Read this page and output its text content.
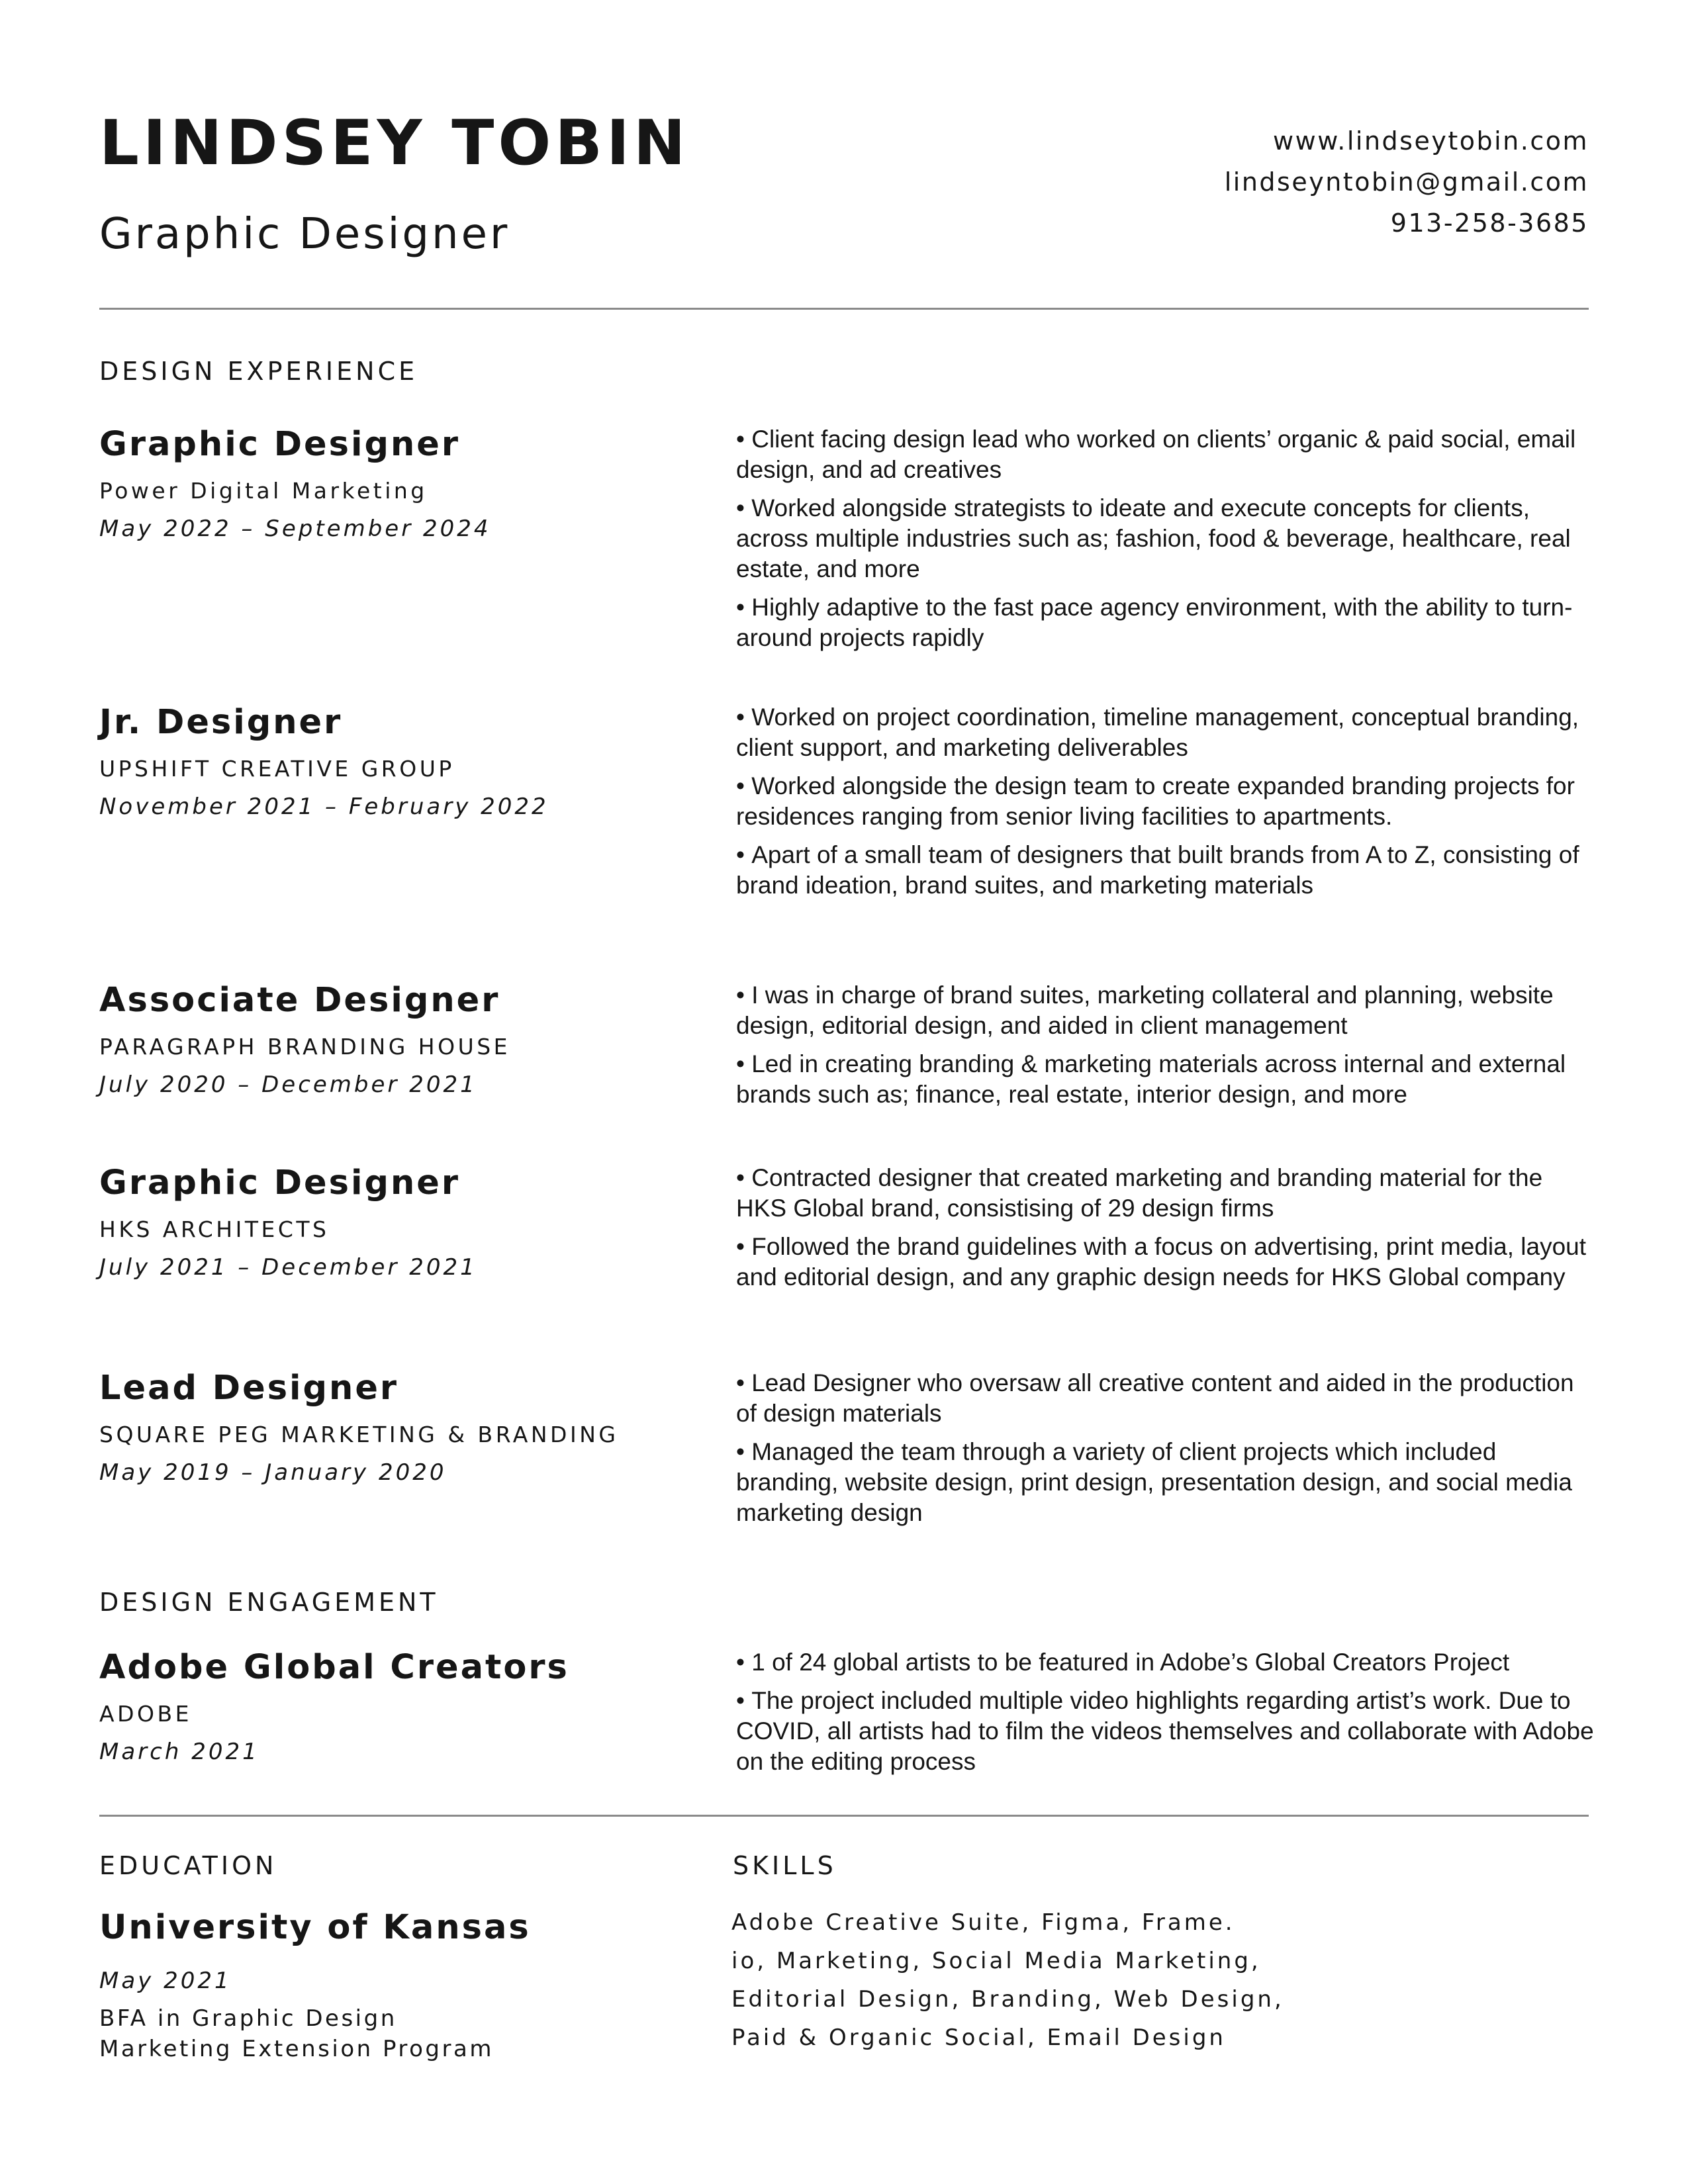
LINDSEY TOBIN
Graphic Designer
www.lindseytobin.com
lindseyntobin@gmail.com
913-258-3685
DESIGN EXPERIENCE
Graphic Designer
Power Digital Marketing
May 2022 – September 2024
• Client facing design lead who worked on clients’ organic & paid social, email design, and ad creatives
• Worked alongside strategists to ideate and execute concepts for clients, across multiple industries such as; fashion, food & beverage, healthcare, real estate, and more
• Highly adaptive to the fast pace agency environment, with the ability to turn-around projects rapidly
Jr. Designer
UPSHIFT CREATIVE GROUP
November 2021 – February 2022
• Worked on project coordination, timeline management, conceptual branding, client support, and marketing deliverables
• Worked alongside the design team to create expanded branding projects for residences ranging from senior living facilities to apartments.
• Apart of a small team of designers that built brands from A to Z, consisting of brand ideation, brand suites, and marketing materials
Associate Designer
PARAGRAPH BRANDING HOUSE
July 2020 – December 2021
• I was in charge of brand suites, marketing collateral and planning, website design, editorial design, and aided in client management
• Led in creating branding & marketing materials across internal and external brands such as; finance, real estate, interior design, and more
Graphic Designer
HKS ARCHITECTS
July 2021 – December 2021
• Contracted designer that created marketing and branding material for the HKS Global brand, consistising of 29 design firms
• Followed the brand guidelines with a focus on advertising, print media, layout and editorial design, and any graphic design needs for HKS Global company
Lead Designer
SQUARE PEG MARKETING & BRANDING
May 2019 – January 2020
• Lead Designer who oversaw all creative content and aided in the production of design materials
• Managed the team through a variety of client projects which included branding, website design, print design, presentation design, and social media marketing design
DESIGN ENGAGEMENT
Adobe Global Creators
ADOBE
March 2021
• 1 of 24 global artists to be featured in Adobe’s Global Creators Project
• The project included multiple video highlights regarding artist’s work. Due to COVID, all artists had to film the videos themselves and collaborate with Adobe on the editing process
EDUCATION
University of Kansas
May 2021
BFA in Graphic Design
Marketing Extension Program
SKILLS
Adobe Creative Suite, Figma, Frame.
io, Marketing, Social Media Marketing,
Editorial Design, Branding, Web Design,
Paid & Organic Social, Email Design
